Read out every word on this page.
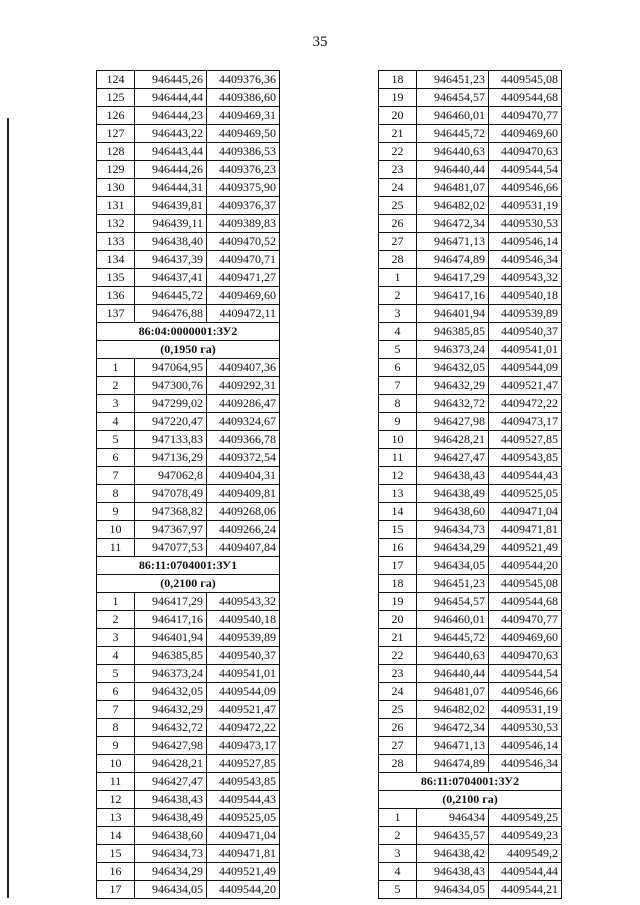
35
124	946445,26	4409376,36
125	946444,44	4409386,60
126	946444,23	4409469,31
127	946443,22	4409469,50
128	946443,44	4409386,53
129	946444,26	4409376,23
130	946444,31	4409375,90
131	946439,81	4409376,37
132	946439,11	4409389,83
133	946438,40	4409470,52
134	946437,39	4409470,71
135	946437,41	4409471,27
136	946445,72	4409469,60
137	946476,88	4409472,11
86:04:0000001:ЗУ2		
(0,1950 га)		
1	947064,95	4409407,36
2	947300,76	4409292,31
3	947299,02	4409286,47
4	947220,47	4409324,67
5	947133,83	4409366,78
6	947136,29	4409372,54
7	947062,8	4409404,31
8	947078,49	4409409,81
9	947368,82	4409268,06
10	947367,97	4409266,24
11	947077,53	4409407,84
86:11:0704001:ЗУ1		
(0,2100 га)		
1	946417,29	4409543,32
2	946417,16	4409540,18
3	946401,94	4409539,89
4	946385,85	4409540,37
5	946373,24	4409541,01
6	946432,05	4409544,09
7	946432,29	4409521,47
8	946432,72	4409472,22
9	946427,98	4409473,17
10	946428,21	4409527,85
11	946427,47	4409543,85
12	946438,43	4409544,43
13	946438,49	4409525,05
14	946438,60	4409471,04
15	946434,73	4409471,81
16	946434,29	4409521,49
17	946434,05	4409544,20
18	946451,23	4409545,08
19	946454,57	4409544,68
20	946460,01	4409470,77
21	946445,72	4409469,60
22	946440,63	4409470,63
23	946440,44	4409544,54
24	946481,07	4409546,66
25	946482,02	4409531,19
26	946472,34	4409530,53
27	946471,13	4409546,14
28	946474,89	4409546,34
1	946417,29	4409543,32
2	946417,16	4409540,18
3	946401,94	4409539,89
4	946385,85	4409540,37
5	946373,24	4409541,01
6	946432,05	4409544,09
7	946432,29	4409521,47
8	946432,72	4409472,22
9	946427,98	4409473,17
10	946428,21	4409527,85
11	946427,47	4409543,85
12	946438,43	4409544,43
13	946438,49	4409525,05
14	946438,60	4409471,04
15	946434,73	4409471,81
16	946434,29	4409521,49
17	946434,05	4409544,20
18	946451,23	4409545,08
19	946454,57	4409544,68
20	946460,01	4409470,77
21	946445,72	4409469,60
22	946440,63	4409470,63
23	946440,44	4409544,54
24	946481,07	4409546,66
25	946482,02	4409531,19
26	946472,34	4409530,53
27	946471,13	4409546,14
28	946474,89	4409546,34
86:11:0704001:ЗУ2		
(0,2100 га)		
1	946434	4409549,25
2	946435,57	4409549,23
3	946438,42	4409549,2
4	946438,43	4409544,44
5	946434,05	4409544,21
